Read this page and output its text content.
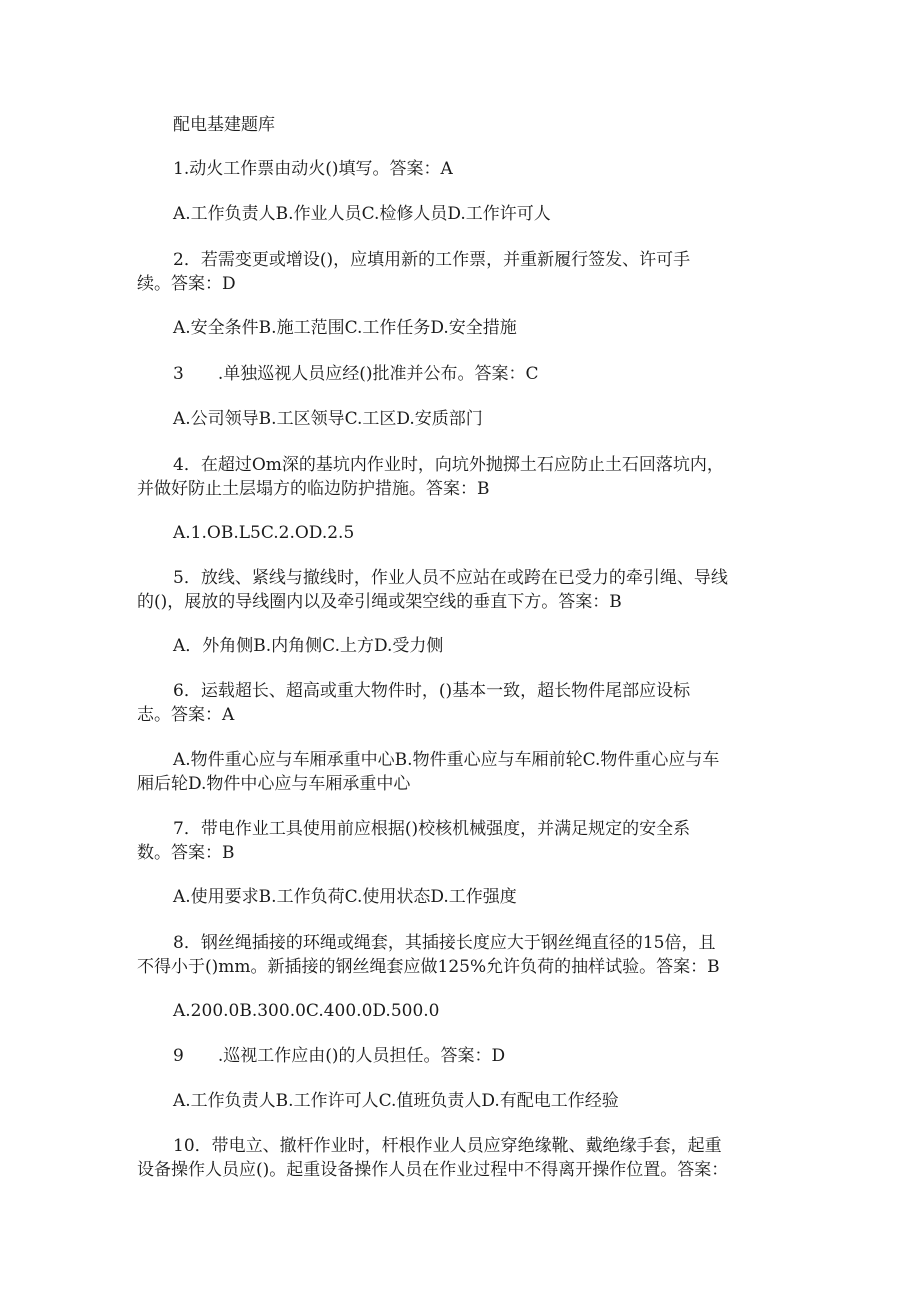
配电基建题库

1.动火工作票由动火()填写。答案：A

A.工作负责人B.作业人员C.检修人员D.工作许可人

2．若需变更或增设()，应填用新的工作票，并重新履行签发、许可手

续。答案：D

A.安全条件B.施工范围C.工作任务D.安全措施

3　　.单独巡视人员应经()批准并公布。答案：C

A.公司领导B.工区领导C.工区D.安质部门

4．在超过Om深的基坑内作业时，向坑外抛掷土石应防止土石回落坑内，

并做好防止土层塌方的临边防护措施。答案：B

A.1.OB.L5C.2.OD.2.5

5．放线、紧线与撤线时，作业人员不应站在或跨在已受力的牵引绳、导线

的()，展放的导线圈内以及牵引绳或架空线的垂直下方。答案：B

A．外角侧B.内角侧C.上方D.受力侧

6．运载超长、超高或重大物件时，()基本一致，超长物件尾部应设标

志。答案：A

A.物件重心应与车厢承重中心B.物件重心应与车厢前轮C.物件重心应与车

厢后轮D.物件中心应与车厢承重中心

7．带电作业工具使用前应根据()校核机械强度，并满足规定的安全系

数。答案：B

A.使用要求B.工作负荷C.使用状态D.工作强度

8．钢丝绳插接的环绳或绳套，其插接长度应大于钢丝绳直径的15倍，且

不得小于()mm。新插接的钢丝绳套应做125%允许负荷的抽样试验。答案：B

A.200.0B.300.0C.400.0D.500.0

9　　.巡视工作应由()的人员担任。答案：D

A.工作负责人B.工作许可人C.值班负责人D.有配电工作经验

10．带电立、撤杆作业时，杆根作业人员应穿绝缘靴、戴绝缘手套，起重

设备操作人员应()。起重设备操作人员在作业过程中不得离开操作位置。答案：
